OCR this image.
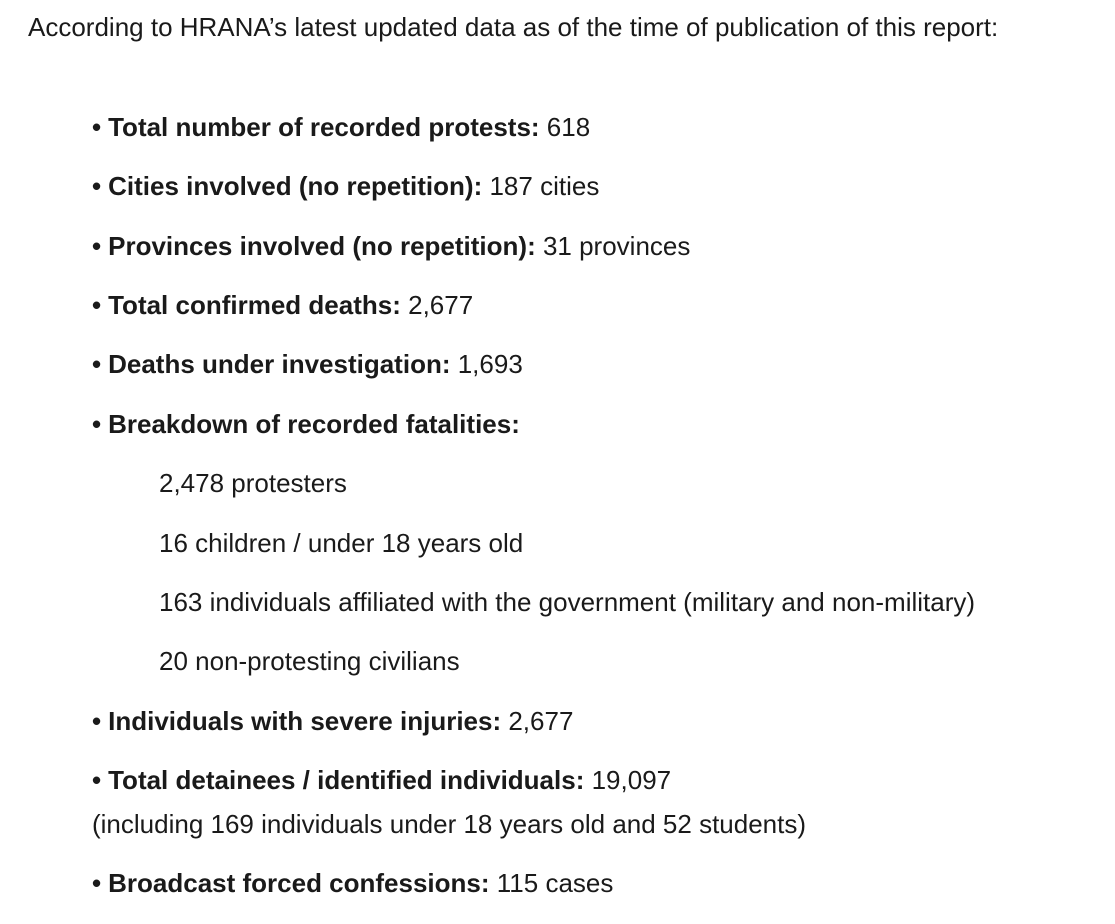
According to HRANA’s latest updated data as of the time of publication of this report:
• Total number of recorded protests: 618
• Cities involved (no repetition): 187 cities
• Provinces involved (no repetition): 31 provinces
• Total confirmed deaths: 2,677
• Deaths under investigation: 1,693
• Breakdown of recorded fatalities:
2,478 protesters
16 children / under 18 years old
163 individuals affiliated with the government (military and non-military)
20 non-protesting civilians
• Individuals with severe injuries: 2,677
• Total detainees / identified individuals: 19,097
(including 169 individuals under 18 years old and 52 students)
• Broadcast forced confessions: 115 cases
